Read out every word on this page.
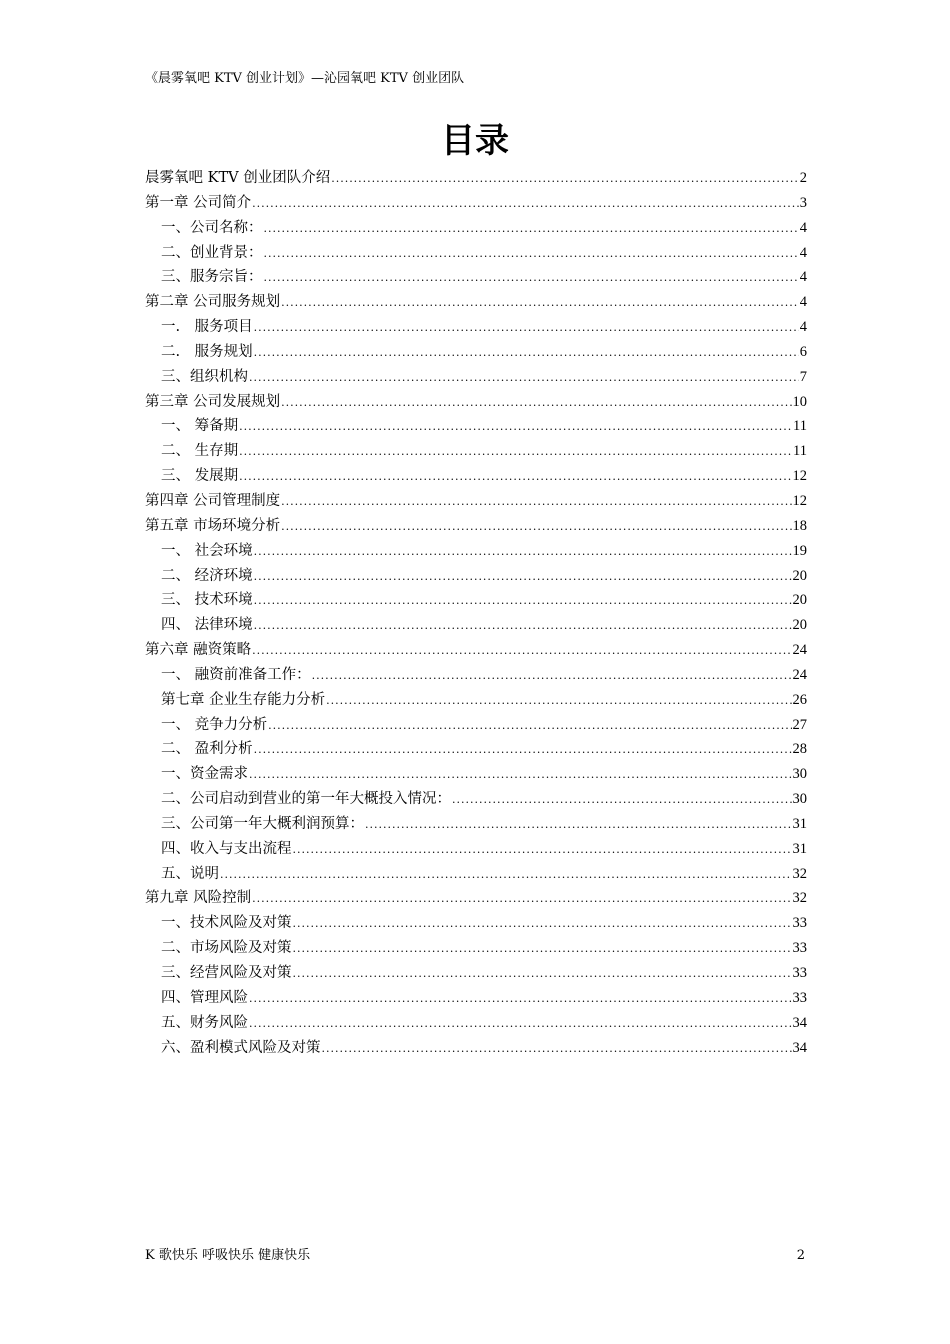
《晨雾氧吧 KTV 创业计划》—沁园氧吧 KTV 创业团队
目录
晨雾氧吧 KTV 创业团队介绍 .....	2
第一章 公司简介 .....	3
一、公司名称： .....	4
二、创业背景： .....	4
三、服务宗旨： .....	4
第二章 公司服务规划 .....	4
一.　服务项目 .....	4
二.　服务规划 .....	6
三、组织机构 .....	7
第三章 公司发展规划 .....	10
一、 筹备期 .....	11
二、 生存期 .....	11
三、 发展期 .....	12
第四章 公司管理制度 .....	12
第五章 市场环境分析 .....	18
一、 社会环境 .....	19
二、 经济环境 .....	20
三、 技术环境 .....	20
四、 法律环境 .....	20
第六章 融资策略 .....	24
一、 融资前准备工作： .....	24
第七章 企业生存能力分析 .....	26
一、 竞争力分析 .....	27
二、 盈利分析 .....	28
一、资金需求 .....	30
二、公司启动到营业的第一年大概投入情况： .....	30
三、公司第一年大概利润预算： .....	31
四、收入与支出流程 .....	31
五、说明 .....	32
第九章 风险控制 .....	32
一、技术风险及对策 .....	33
二、市场风险及对策 .....	33
三、经营风险及对策 .....	33
四、管理风险 .....	33
五、财务风险 .....	34
六、盈利模式风险及对策 .....	34
K 歌快乐 呼吸快乐 健康快乐	2
